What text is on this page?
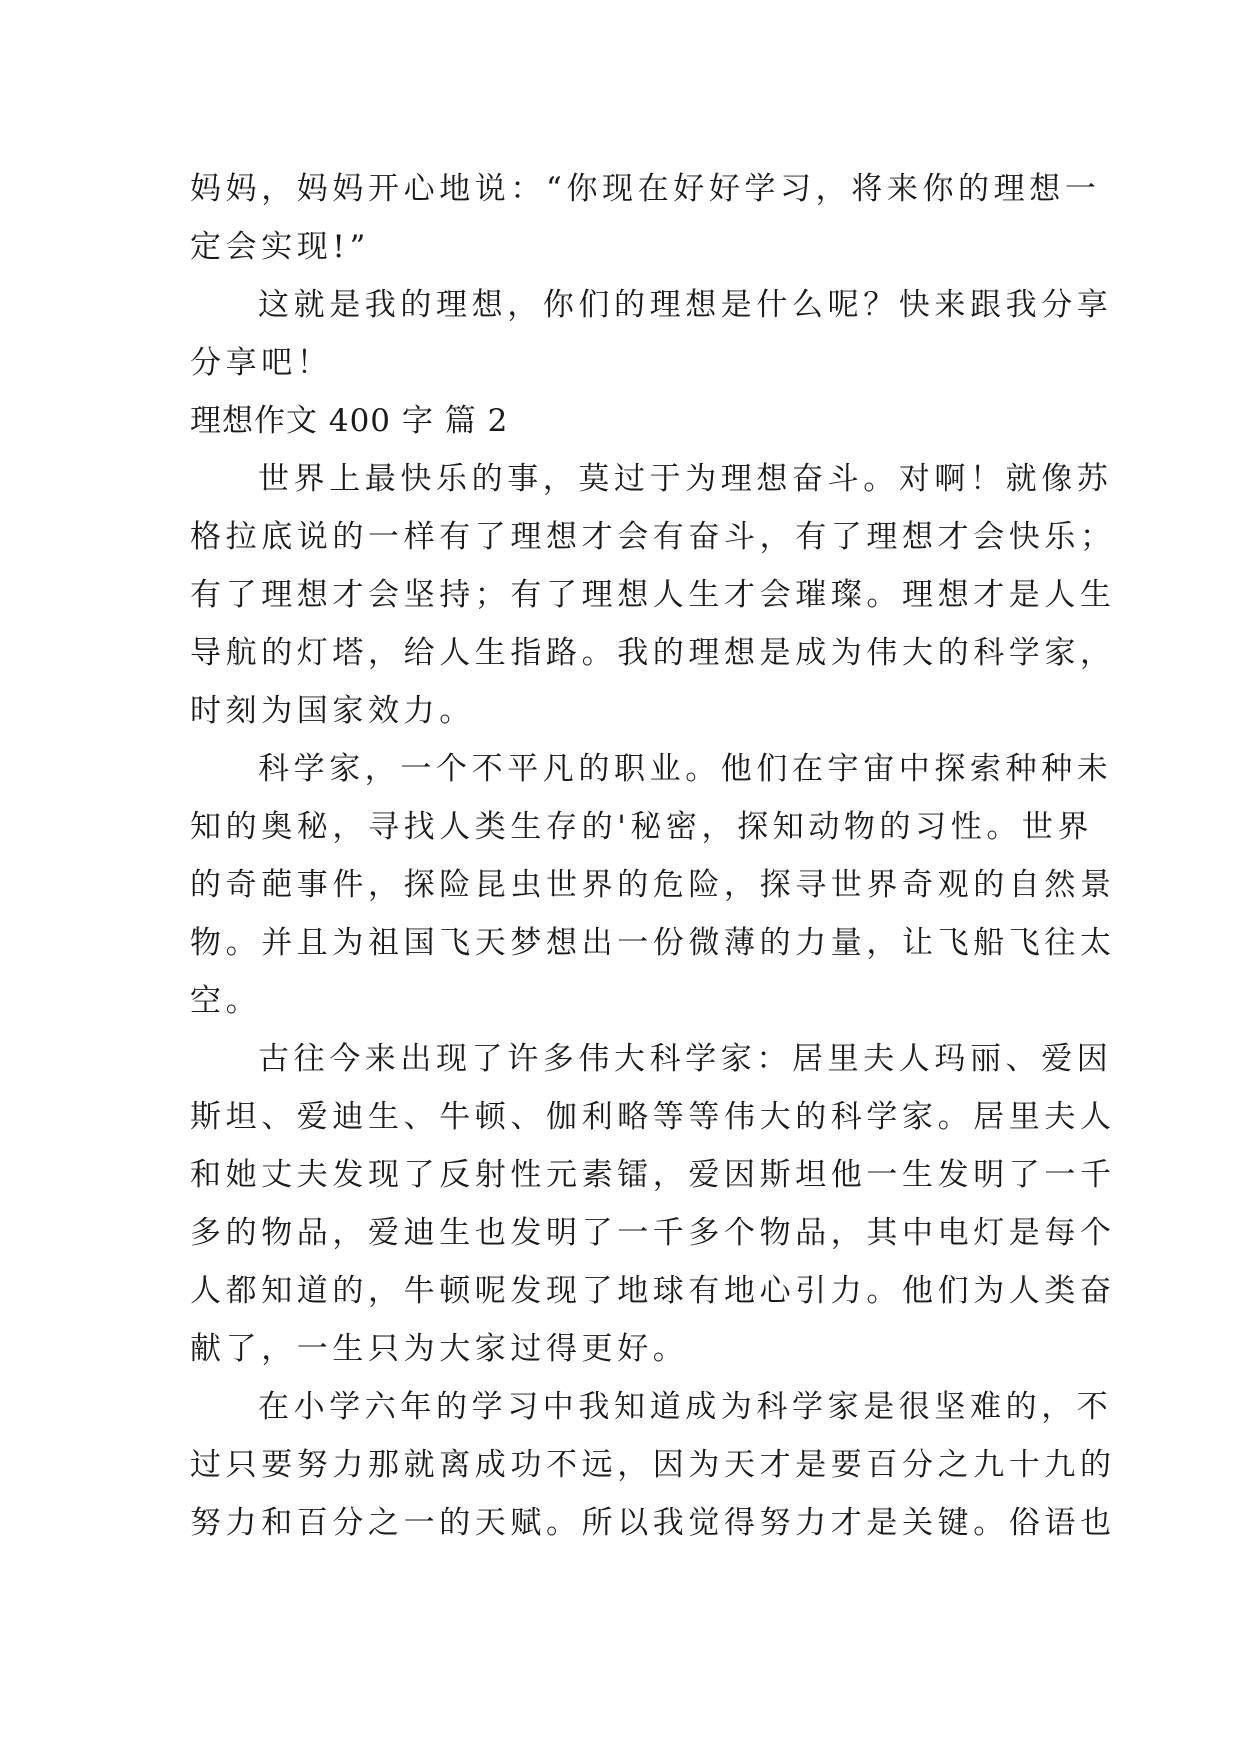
妈妈，妈妈开心地说：“你现在好好学习，将来你的理想一
定会实现!”
这就是我的理想，你们的理想是什么呢？快来跟我分享
分享吧！
理想作文 400 字 篇 2
世界上最快乐的事，莫过于为理想奋斗。对啊！就像苏
格拉底说的一样有了理想才会有奋斗，有了理想才会快乐；
有了理想才会坚持；有了理想人生才会璀璨。理想才是人生
导航的灯塔，给人生指路。我的理想是成为伟大的科学家，
时刻为国家效力。
科学家，一个不平凡的职业。他们在宇宙中探索种种未
知的奥秘，寻找人类生存的'秘密，探知动物的习性。世界
的奇葩事件，探险昆虫世界的危险，探寻世界奇观的自然景
物。并且为祖国飞天梦想出一份微薄的力量，让飞船飞往太
空。
古往今来出现了许多伟大科学家：居里夫人玛丽、爱因
斯坦、爱迪生、牛顿、伽利略等等伟大的科学家。居里夫人
和她丈夫发现了反射性元素镭，爱因斯坦他一生发明了一千
多的物品，爱迪生也发明了一千多个物品，其中电灯是每个
人都知道的，牛顿呢发现了地球有地心引力。他们为人类奋
献了，一生只为大家过得更好。
在小学六年的学习中我知道成为科学家是很坚难的，不
过只要努力那就离成功不远，因为天才是要百分之九十九的
努力和百分之一的天赋。所以我觉得努力才是关键。俗语也
